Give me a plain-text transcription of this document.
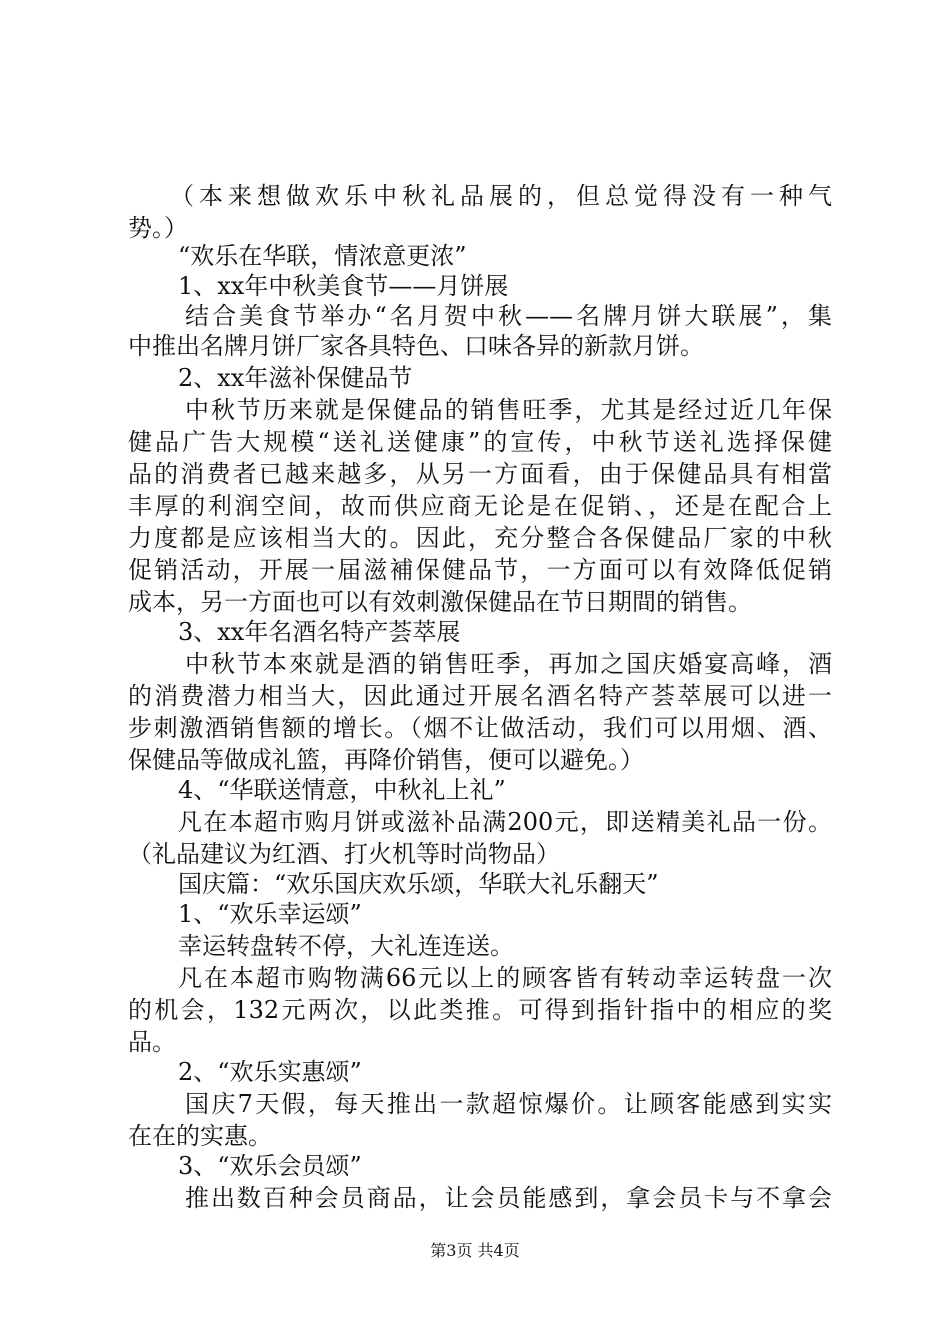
（本来想做欢乐中秋礼品展的，但总觉得没有一种气
势。）
“欢乐在华联，情浓意更浓”
1、xx年中秋美食节——月饼展
结合美食节举办“名月贺中秋——名牌月饼大联展”，集
中推出名牌月饼厂家各具特色、口味各异的新款月饼。
2、xx年滋补保健品节
中秋节历来就是保健品的销售旺季，尤其是经过近几年保
健品广告大规模“送礼送健康”的宣传，中秋节送礼选择保健
品的消费者已越来越多，从另一方面看，由于保健品具有相當
丰厚的利润空间，故而供应商无论是在促销、，还是在配合上
力度都是应该相当大的。因此，充分整合各保健品厂家的中秋
促销活动，开展一届滋補保健品节，一方面可以有效降低促销
成本，另一方面也可以有效刺激保健品在节日期間的销售。
3、xx年名酒名特产荟萃展
中秋节本來就是酒的销售旺季，再加之国庆婚宴高峰，酒
的消费潜力相当大，因此通过开展名酒名特产荟萃展可以进一
步刺激酒销售额的增长。（烟不让做活动，我们可以用烟、酒、
保健品等做成礼篮，再降价销售，便可以避免。）
4、“华联送情意，中秋礼上礼”
凡在本超市购月饼或滋补品满200元，即送精美礼品一份。
（礼品建议为红酒、打火机等时尚物品）
国庆篇：“欢乐国庆欢乐颂，华联大礼乐翻天”
1、“欢乐幸运颂”
幸运转盘转不停，大礼连连送。
凡在本超市购物满66元以上的顾客皆有转动幸运转盘一次
的机会，132元两次，以此类推。可得到指针指中的相应的奖
品。
2、“欢乐实惠颂”
国庆7天假，每天推出一款超惊爆价。让顾客能感到实实
在在的实惠。
3、“欢乐会员颂”
推出数百种会员商品，让会员能感到，拿会员卡与不拿会
第3页 共4页
